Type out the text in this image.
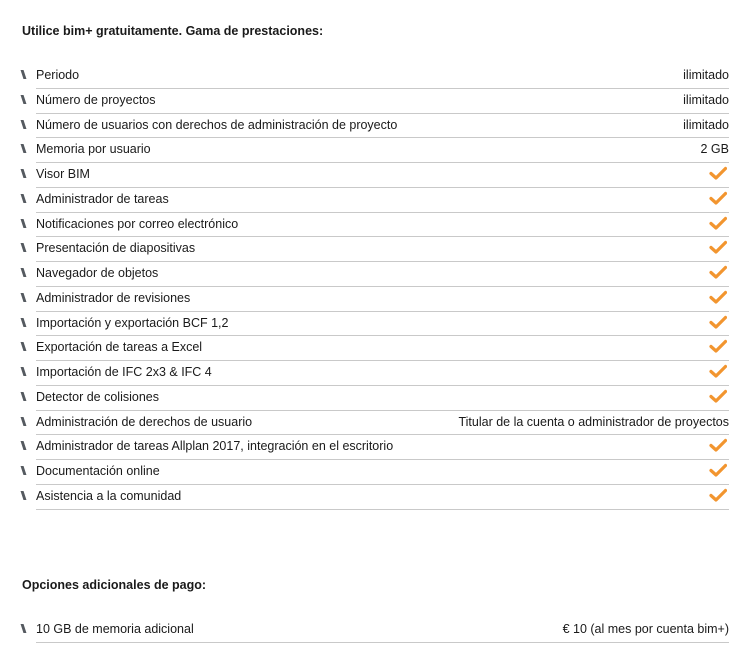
Utilice bim+ gratuitamente. Gama de prestaciones:
Periodo	ilimitado
Número de proyectos	ilimitado
Número de usuarios con derechos de administración de proyecto	ilimitado
Memoria por usuario	2 GB
Visor BIM
Administrador de tareas
Notificaciones por correo electrónico
Presentación de diapositivas
Navegador de objetos
Administrador de revisiones
Importación y exportación BCF 1,2
Exportación de tareas a Excel
Importación de IFC 2x3 & IFC 4
Detector de colisiones
Administración de derechos de usuario	Titular de la cuenta o administrador de proyectos
Administrador de tareas Allplan 2017, integración en el escritorio
Documentación online
Asistencia a la comunidad
Opciones adicionales de pago:
10 GB de memoria adicional	€ 10 (al mes por cuenta bim+)
